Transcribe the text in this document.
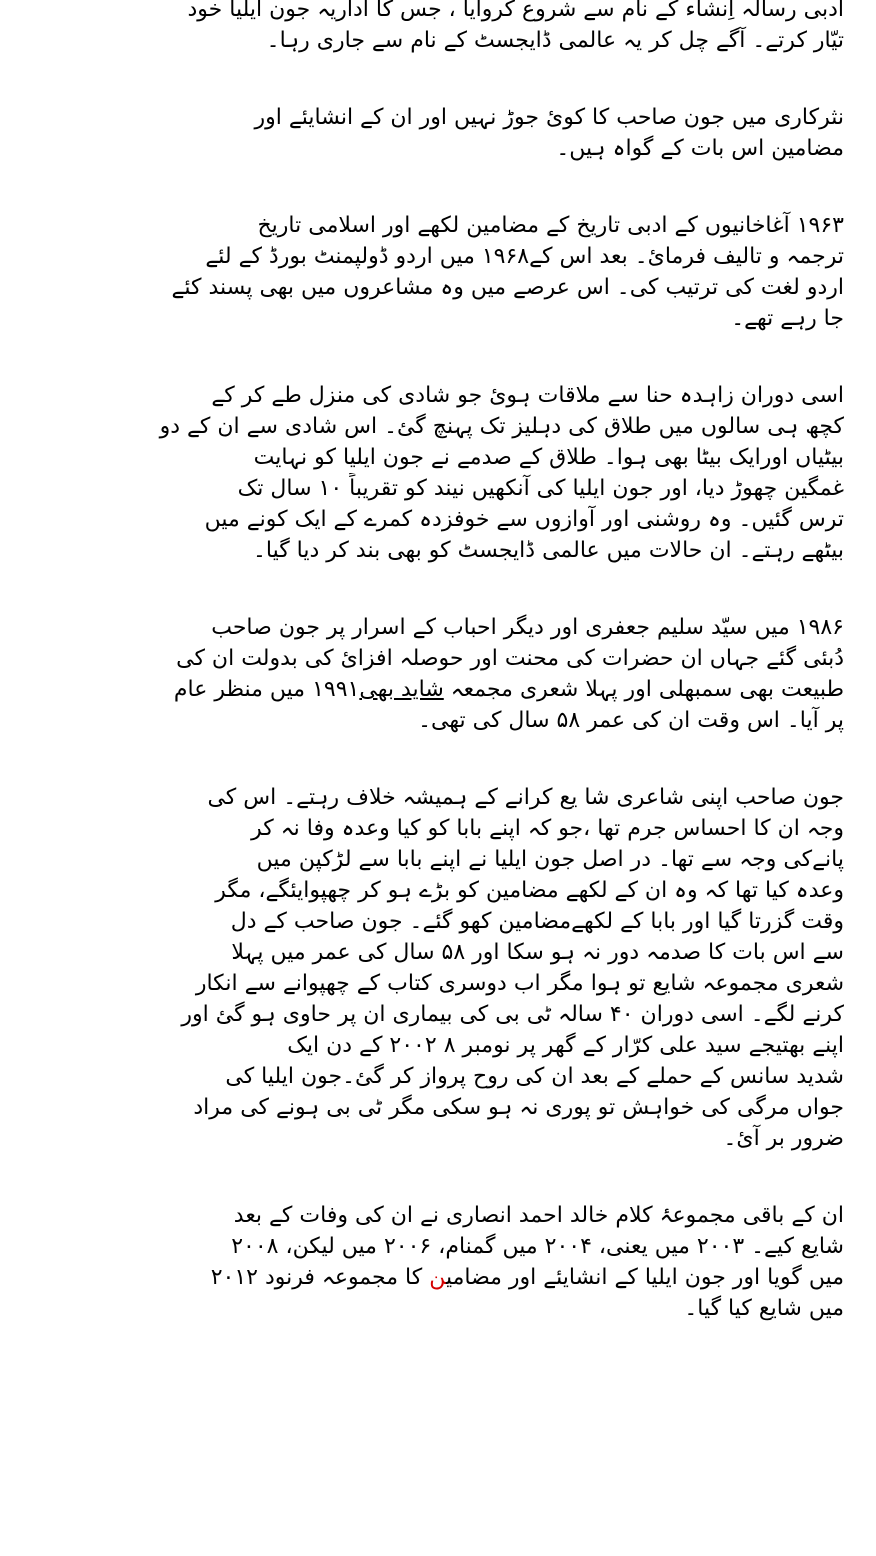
ادبی رسالہ اِنشاء کے نام سے شروع کروایا ، جس کا اداریہ جون ایلیا خود
تیّار کرتے۔ آگے چل کر یہ عالمی ڈایجسٹ کے نام سے جاری رہا۔
نثرکاری میں جون صاحب کا کوئ جوڑ نہیں اور ان کے انشایئے اور
مضامین اس بات کے گواہ ہیں۔
۱۹۶۳ آغاخانیوں کے ادبی تاریخ کے مضامین لکھے اور اسلامی تاریخ
ترجمہ و تالیف فرمائ۔ بعد اس کے۱۹۶۸ میں اردو ڈولپمنٹ بورڈ کے لئے
اردو لغت کی ترتیب کی۔ اس عرصے میں وہ مشاعروں میں بھی پسند کئے
جا رہے تھے۔
اسی دوران زاہدہ حنا سے ملاقات ہوئ جو شادی کی منزل طے کر کے
کچھ ہی سالوں میں طلاق کی دہلیز تک پہنچ گئ۔ اس شادی سے ان کے دو
بیٹیاں اورایک بیٹا بھی ہوا۔ طلاق کے صدمے نے جون ایلیا کو نہایت
غمگین چھوڑ دیا، اور جون ایلیا کی آنکھیں نیند کو تقریباً ۱۰ سال تک
ترس گئیں۔ وہ روشنی اور آوازوں سے خوفزدہ کمرے کے ایک کونے میں
بیٹھے رہتے۔ ان حالات میں عالمی ڈایجسٹ کو بھی بند کر دیا گیا۔
۱۹۸۶ میں سیّد سلیم جعفری اور دیگر احباب کے اسرار پر جون صاحب
دُبئی گئے جہاں ان حضرات کی محنت اور حوصلہ افزائ کی بدولت ان کی
طبیعت بھی سمبھلی اور پہلا شعری مجمعہ شاید بھی۱۹۹۱ میں منظر عام
پر آیا۔ اس وقت ان کی عمر ۵۸ سال کی تھی۔
جون صاحب اپنی شاعری شا یع کرانے کے ہمیشہ خلاف رہتے۔ اس کی
وجہ ان کا احساس جرم تھا ،جو کہ اپنے بابا کو کیا وعدہ وفا نہ کر
پانےکی وجہ سے تھا۔ در اصل جون ایلیا نے اپنے بابا سے لڑکپن میں
وعدہ کیا تھا کہ وہ ان کے لکھے مضامین کو بڑے ہو کر چھپوایئگے، مگر
وقت گزرتا گیا اور بابا کے لکھےمضامین کھو گئے۔ جون صاحب کے دل
سے اس بات کا صدمہ دور نہ ہو سکا اور ۵۸ سال کی عمر میں پہلا
شعری مجموعہ شایع تو ہوا مگر اب دوسری کتاب کے چھپوانے سے انکار
کرنے لگے۔ اسی دوران ۴۰ سالہ ٹی بی کی بیماری ان پر حاوی ہو گئ اور
اپنے بھتیجے سید علی کرّار کے گھر پر نومبر ۸ ۲۰۰۲ کے دن ایک
شدید سانس کے حملے کے بعد ان کی روح پرواز کر گئ۔جون ایلیا کی
جواں مرگی کی خواہش تو پوری نہ ہو سکی مگر ٹی بی ہونے کی مراد
ضرور بر آئ۔
ان کے باقی مجموعۂ کلام خالد احمد انصاری نے ان کی وفات کے بعد
شایع کیے۔ ۲۰۰۳ میں یعنی، ۲۰۰۴ میں گمنام، ۲۰۰۶ میں لیکن، ۲۰۰۸
میں گویا اور جون ایلیا کے انشایئے اور مضامین کا مجموعہ فرنود ۲۰۱۲
میں شایع کیا گیا۔
